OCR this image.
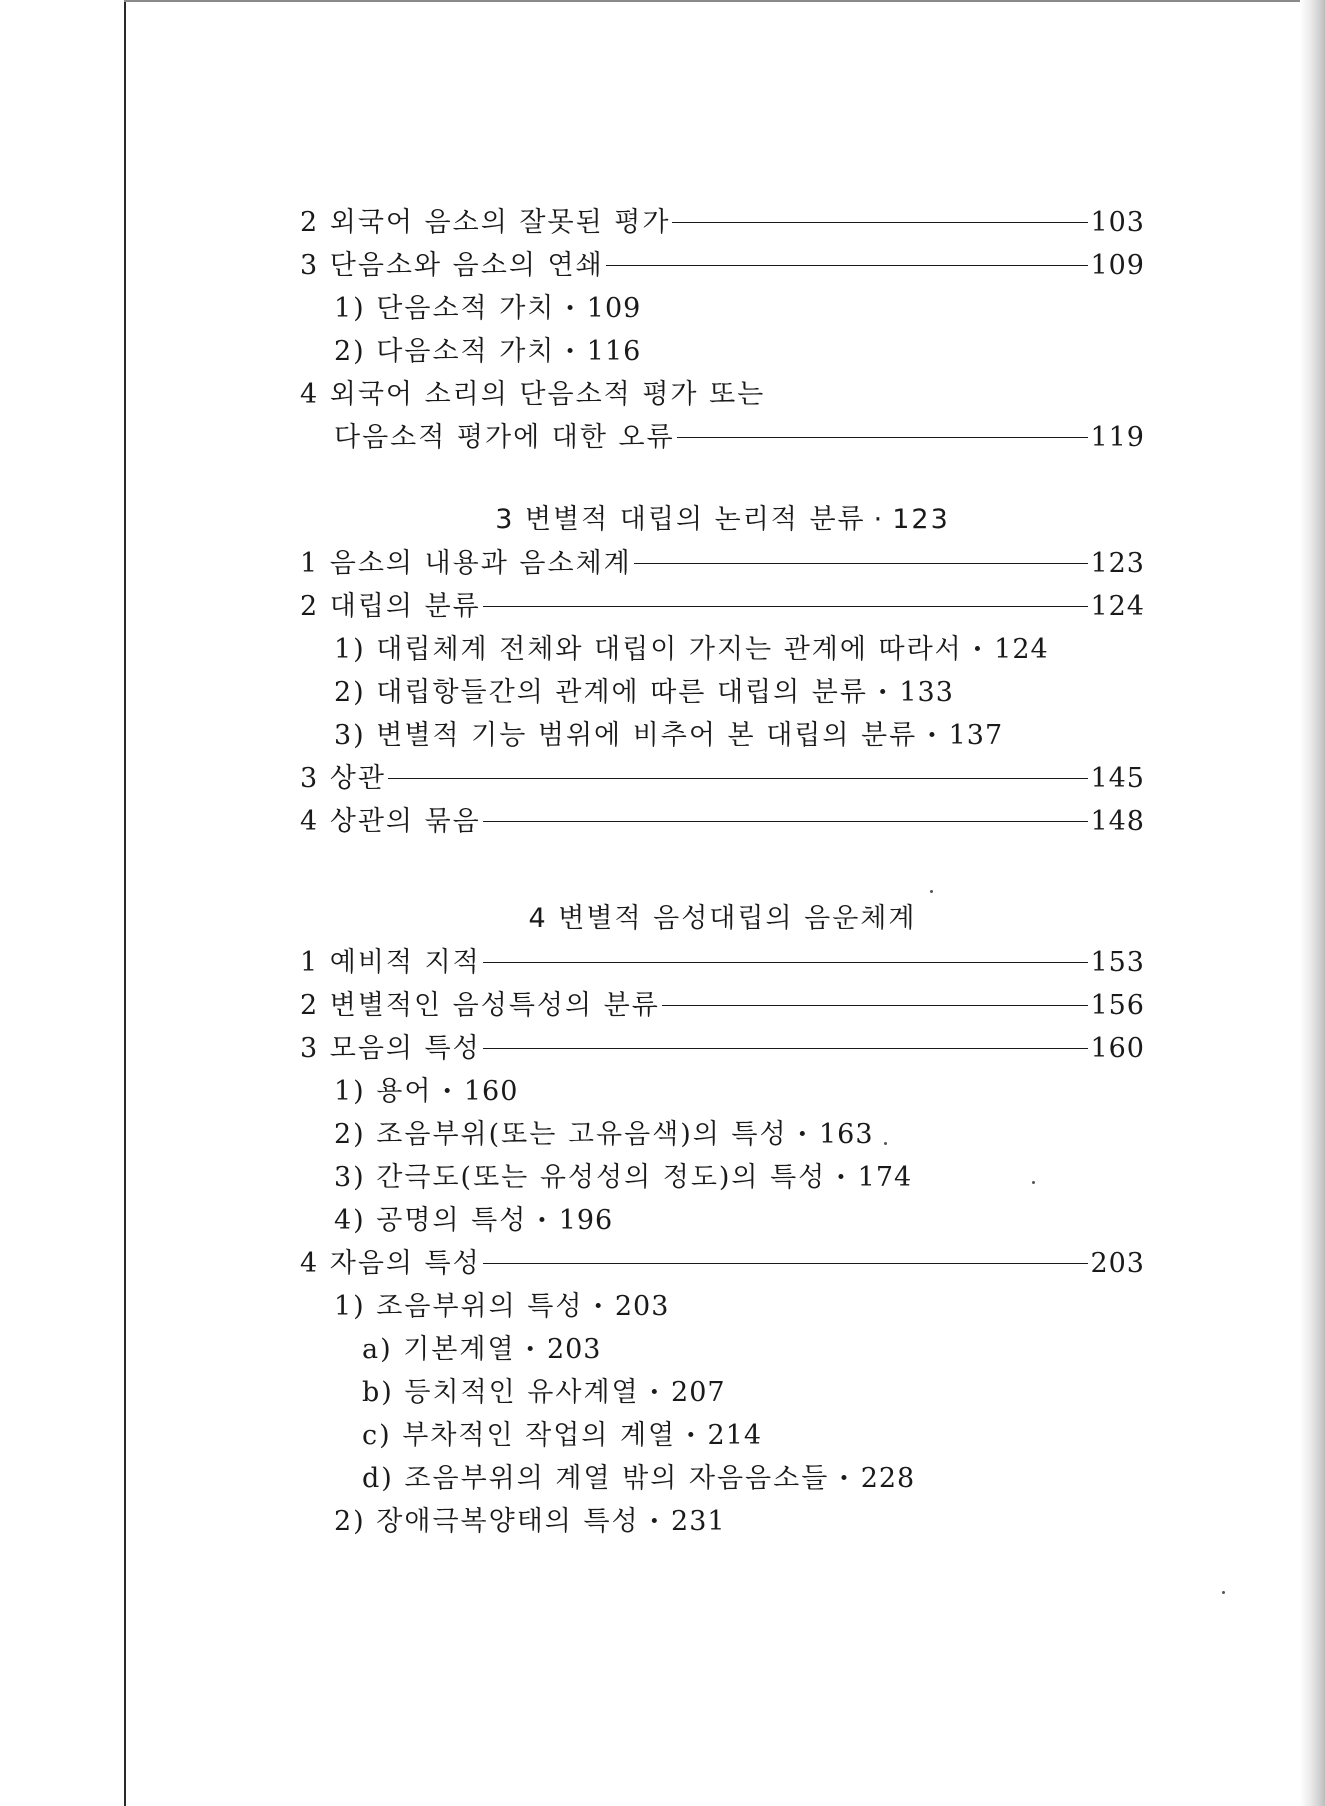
2 외국어 음소의 잘못된 평가	103
3 단음소와 음소의 연쇄	109
1) 단음소적 가치 · 109
2) 다음소적 가치 · 116
4 외국어 소리의 단음소적 평가 또는
다음소적 평가에 대한 오류	119
3 변별적 대립의 논리적 분류 · 123
1 음소의 내용과 음소체계	123
2 대립의 분류	124
1) 대립체계 전체와 대립이 가지는 관계에 따라서 · 124
2) 대립항들간의 관계에 따른 대립의 분류 · 133
3) 변별적 기능 범위에 비추어 본 대립의 분류 · 137
3 상관	145
4 상관의 묶음	148
4 변별적 음성대립의 음운체계
1 예비적 지적	153
2 변별적인 음성특성의 분류	156
3 모음의 특성	160
1) 용어 · 160
2) 조음부위(또는 고유음색)의 특성 · 163
3) 간극도(또는 유성성의 정도)의 특성 · 174
4) 공명의 특성 · 196
4 자음의 특성	203
1) 조음부위의 특성 · 203
a) 기본계열 · 203
b) 등치적인 유사계열 · 207
c) 부차적인 작업의 계열 · 214
d) 조음부위의 계열 밖의 자음음소들 · 228
2) 장애극복양태의 특성 · 231
